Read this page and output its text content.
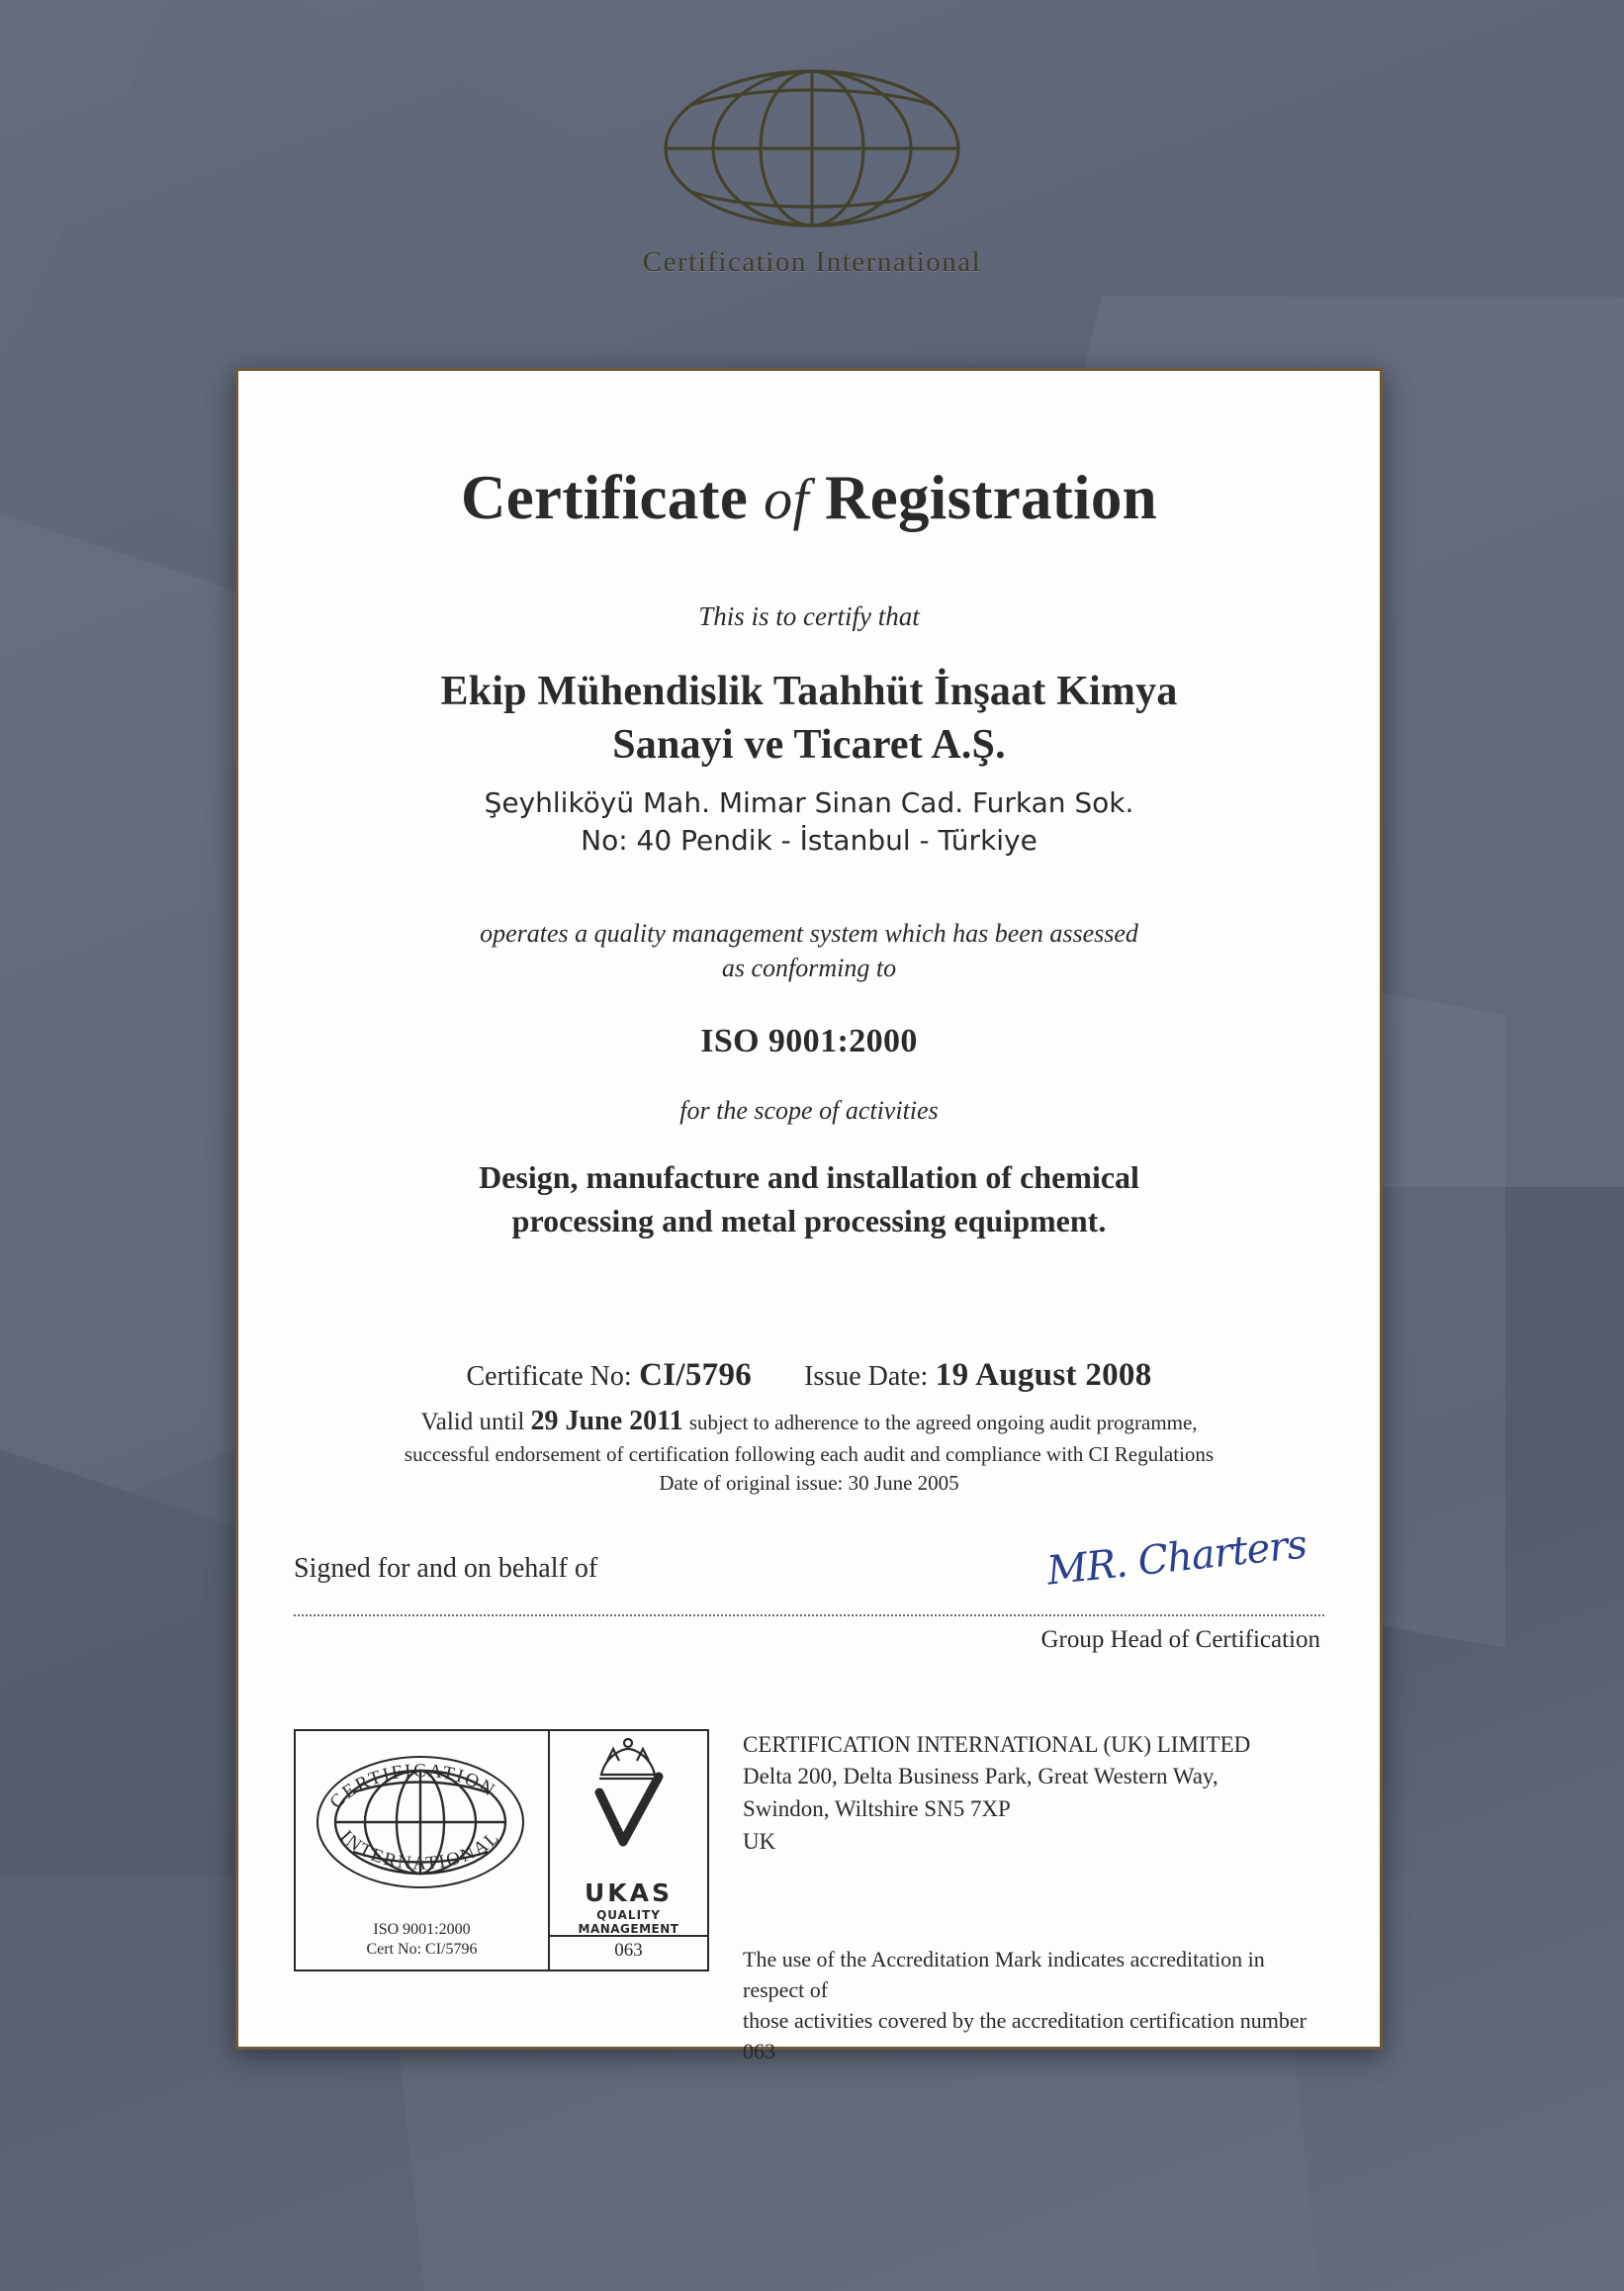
Certification International
Certificate of Registration
This is to certify that
Ekip Mühendislik Taahhüt İnşaat Kimya
Sanayi ve Ticaret A.Ş.
Şeyhliköyü Mah. Mimar Sinan Cad. Furkan Sok.
No: 40 Pendik - İstanbul - Türkiye
operates a quality management system which has been assessed
as conforming to
ISO 9001:2000
for the scope of activities
Design, manufacture and installation of chemical
processing and metal processing equipment.
Certificate No: CI/5796 Issue Date: 19 August 2008
Valid until 29 June 2011 subject to adherence to the agreed ongoing audit programme,
successful endorsement of certification following each audit and compliance with CI Regulations
Date of original issue: 30 June 2005
Signed for and on behalf of	MR. Charters
Group Head of Certification
CERTIFICATION
INTERNATIONAL
ISO 9001:2000
Cert No: CI/5796
UKAS
QUALITY
MANAGEMENT
063
CERTIFICATION INTERNATIONAL (UK) LIMITED
Delta 200, Delta Business Park, Great Western Way,
Swindon, Wiltshire SN5 7XP
UK
The use of the Accreditation Mark indicates accreditation in respect of
those activities covered by the accreditation certification number 063
